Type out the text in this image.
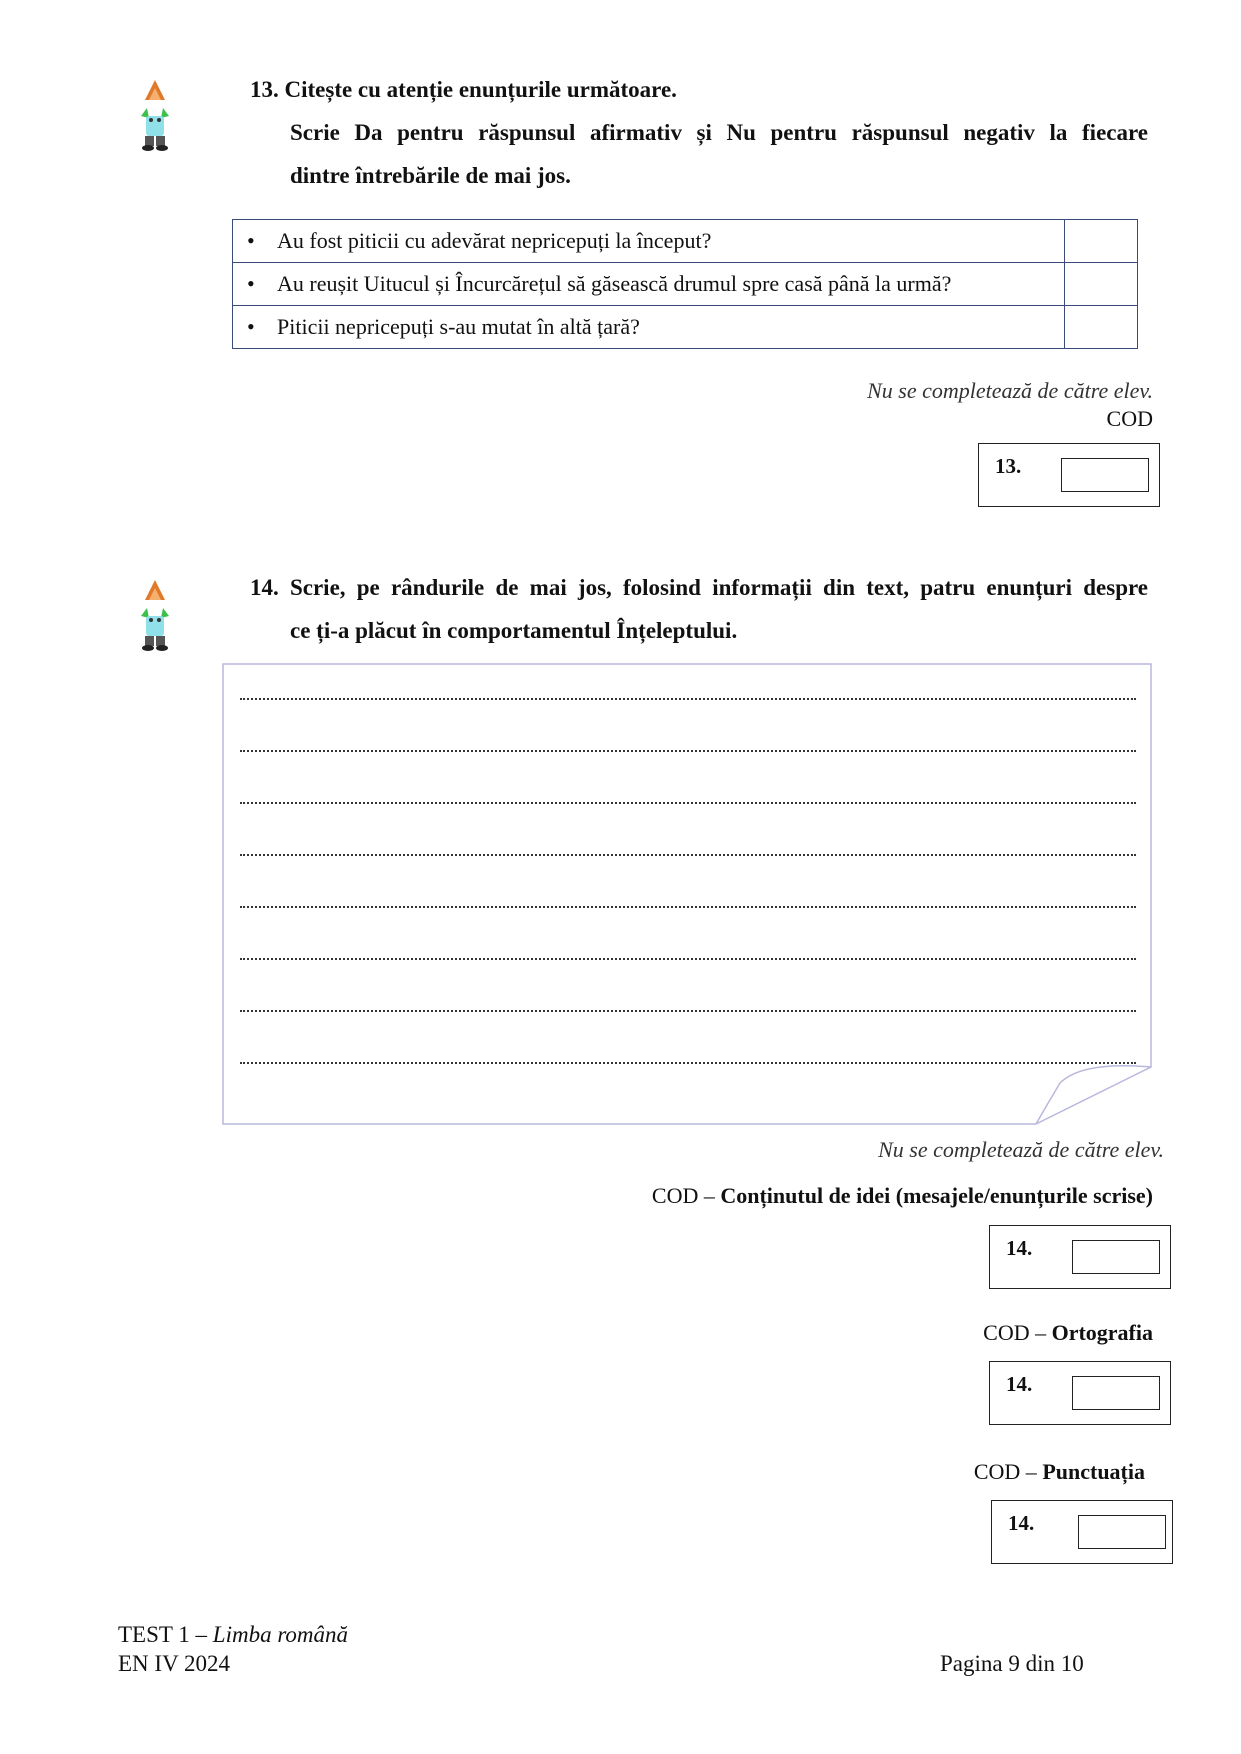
13. Citește cu atenție enunțurile următoare.
Scrie Da pentru răspunsul afirmativ și Nu pentru răspunsul negativ la fiecare
dintre întrebările de mai jos.
• Au fost piticii cu adevărat nepricepuți la început?	
• Au reușit Uitucul și Încurcărețul să găsească drumul spre casă până la urmă?	
• Piticii nepricepuți s-au mutat în altă țară?	
Nu se completează de către elev.
COD
13.
14. Scrie, pe rândurile de mai jos, folosind informații din text, patru enunțuri despre
ce ți-a plăcut în comportamentul Înțeleptului.
Nu se completează de către elev.
COD – Conținutul de idei (mesajele/enunțurile scrise)
14.
COD – Ortografia
14.
COD – Punctuația
14.
TEST 1 – Limba română
EN IV 2024	Pagina 9 din 10
